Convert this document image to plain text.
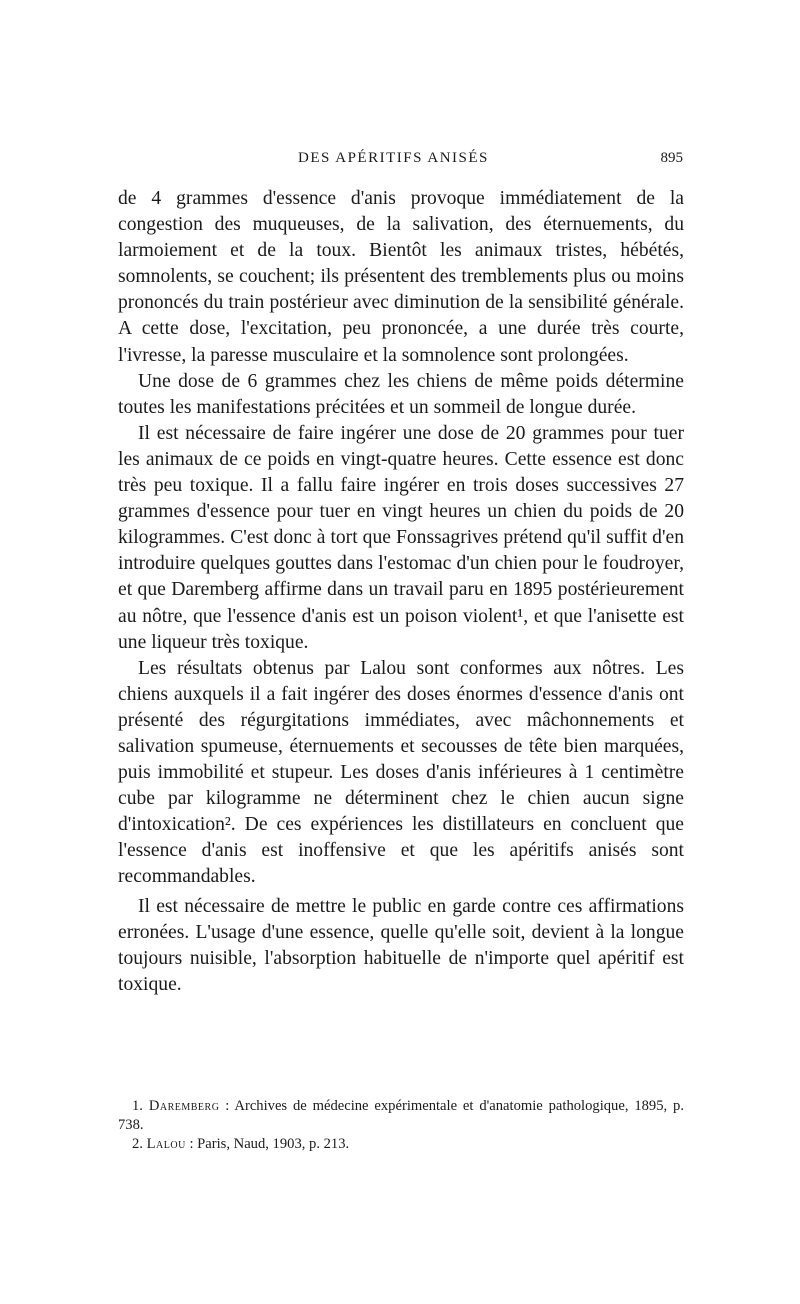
DES APÉRITIFS ANISÉS	895

de 4 grammes d'essence d'anis provoque immédiatement de la congestion des muqueuses, de la salivation, des éternuements, du larmoiement et de la toux. Bientôt les animaux tristes, hébétés, somnolents, se couchent; ils présentent des tremblements plus ou moins prononcés du train postérieur avec diminution de la sensibilité générale. A cette dose, l'excitation, peu prononcée, a une durée très courte, l'ivresse, la paresse musculaire et la somnolence sont prolongées.

Une dose de 6 grammes chez les chiens de même poids détermine toutes les manifestations précitées et un sommeil de longue durée.

Il est nécessaire de faire ingérer une dose de 20 grammes pour tuer les animaux de ce poids en vingt-quatre heures. Cette essence est donc très peu toxique. Il a fallu faire ingérer en trois doses successives 27 grammes d'essence pour tuer en vingt heures un chien du poids de 20 kilogrammes. C'est donc à tort que Fonssagrives prétend qu'il suffit d'en introduire quelques gouttes dans l'estomac d'un chien pour le foudroyer, et que Daremberg affirme dans un travail paru en 1895 postérieurement au nôtre, que l'essence d'anis est un poison violent¹, et que l'anisette est une liqueur très toxique.

Les résultats obtenus par Lalou sont conformes aux nôtres. Les chiens auxquels il a fait ingérer des doses énormes d'essence d'anis ont présenté des régurgitations immédiates, avec mâchonnements et salivation spumeuse, éternuements et secousses de tête bien marquées, puis immobilité et stupeur. Les doses d'anis inférieures à 1 centimètre cube par kilogramme ne déterminent chez le chien aucun signe d'intoxication². De ces expériences les distillateurs en concluent que l'essence d'anis est inoffensive et que les apéritifs anisés sont recommandables.

Il est nécessaire de mettre le public en garde contre ces affirmations erronées. L'usage d'une essence, quelle qu'elle soit, devient à la longue toujours nuisible, l'absorption habituelle de n'importe quel apéritif est toxique.

1. Daremberg : Archives de médecine expérimentale et d'anatomie pathologique, 1895, p. 738.

2. Lalou : Paris, Naud, 1903, p. 213.
